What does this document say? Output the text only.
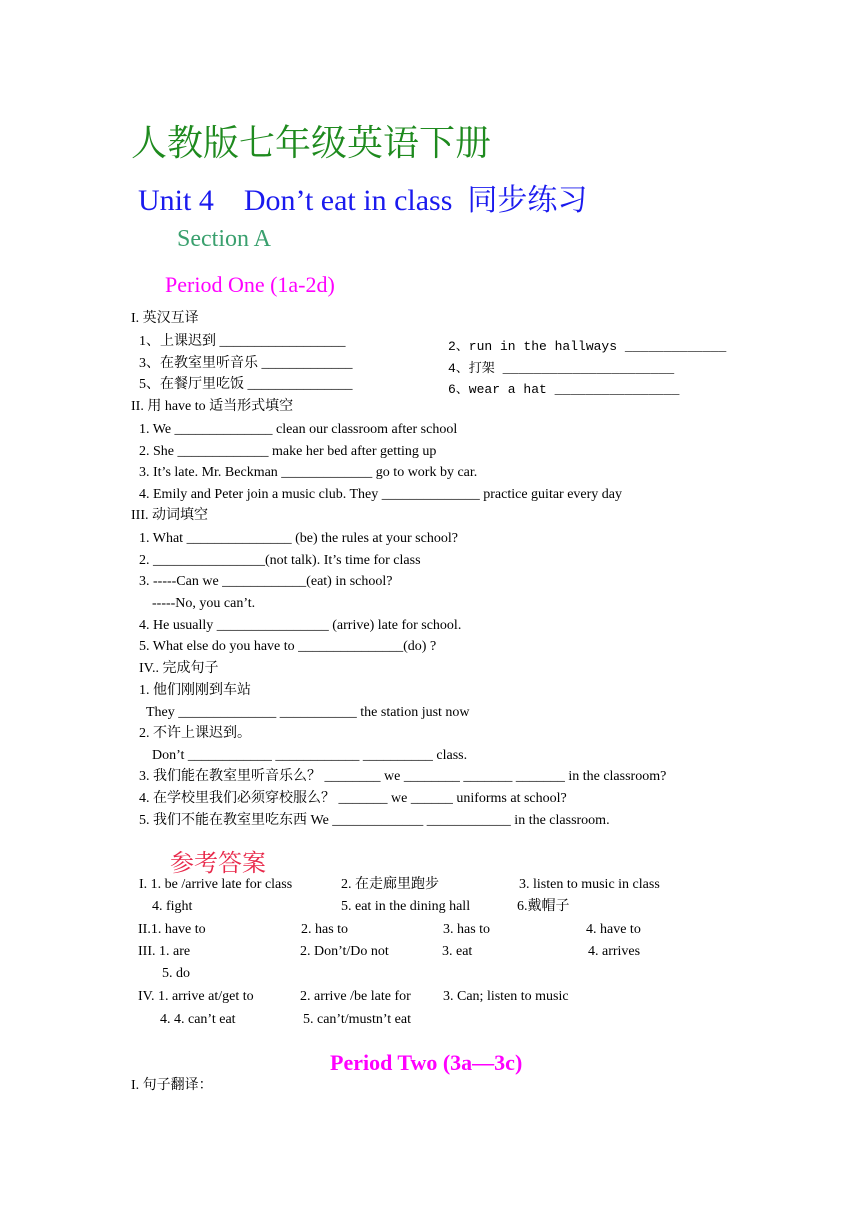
人教版七年级英语下册
Unit 4    Don’t eat in class  同步练习
Section A
Period One (1a-2d)
I. 英汉互译
1、上课迟到 __________________	2、run in the hallways _____________
3、在教室里听音乐 _____________	4、打架 ______________________
5、在餐厅里吃饭 _______________	6、wear a hat ________________
II. 用 have to 适当形式填空
1. We ______________ clean our classroom after school
2. She _____________ make her bed after getting up
3. It’s late. Mr. Beckman _____________ go to work by car.
4. Emily and Peter join a music club. They ______________ practice guitar every day
III. 动词填空
1. What _______________ (be) the rules at your school?
2. ________________(not talk). It’s time for class
3. -----Can we ____________(eat) in school?
-----No, you can’t.
4. He usually ________________ (arrive) late for school.
5. What else do you have to _______________(do) ?
IV.. 完成句子
1. 他们刚刚到车站
They ______________ ___________ the station just now
2. 不许上课迟到。
Don’t ____________ ____________ __________ class.
3. 我们能在教室里听音乐么？ ________ we ________ _______ _______ in the classroom?
4. 在学校里我们必须穿校服么？ _______ we ______ uniforms at school?
5. 我们不能在教室里吃东西 We _____________ ____________ in the classroom.
参考答案
I. 1. be /arrive late for class	2. 在走廊里跑步	3. listen to music in class
4. fight	5. eat in the dining hall	6.戴帽子
II.1. have to	2. has to	3. has to	4. have to
III. 1. are	2. Don’t/Do not	3. eat	4. arrives
5. do
IV. 1. arrive at/get to	2. arrive /be late for 3. Can; listen to music
4. 4. can’t eat	5. can’t/mustn’t eat
Period Two (3a—3c)
I. 句子翻译：
